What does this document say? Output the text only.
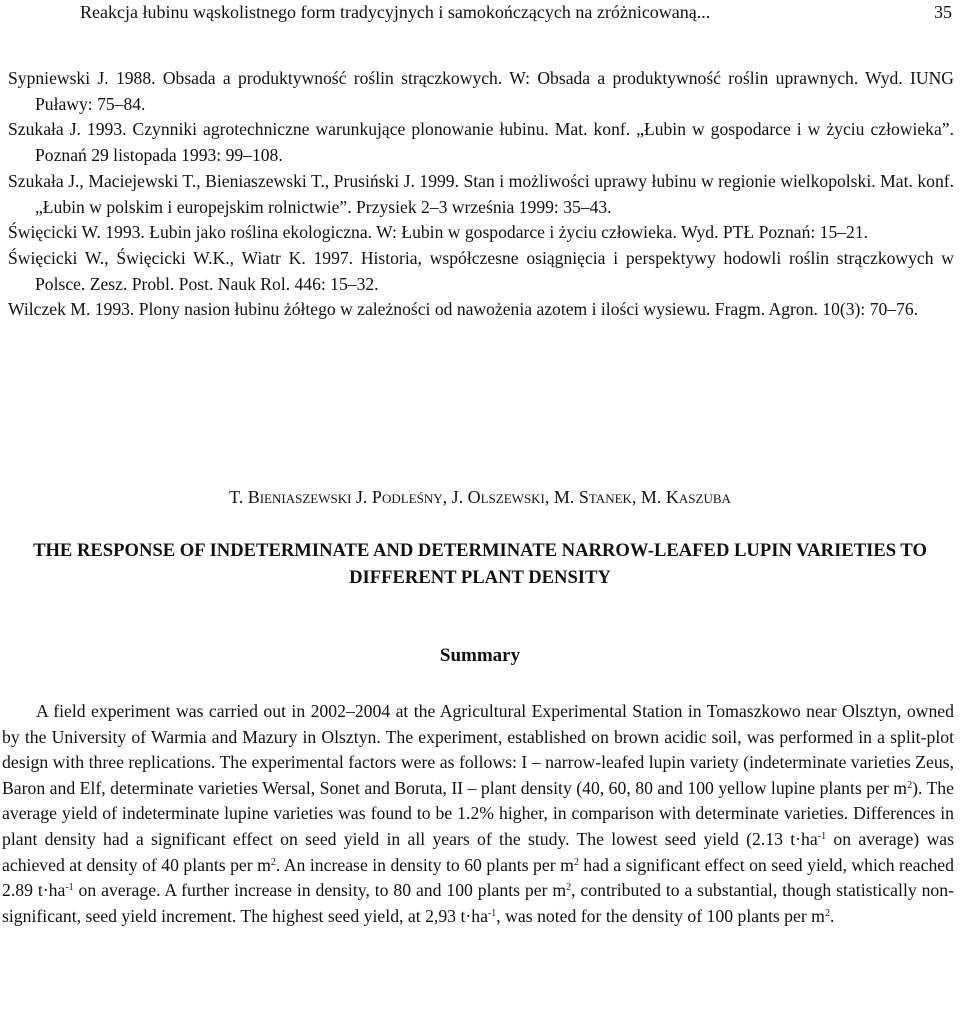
Reakcja łubinu wąskolistnego form tradycyjnych i samokończących na zróżnicowaną...	35

Sypniewski J. 1988. Obsada a produktywność roślin strączkowych. W: Obsada a produktywność roślin uprawnych. Wyd. IUNG Puławy: 75–84.

Szukała J. 1993. Czynniki agrotechniczne warunkujące plonowanie łubinu. Mat. konf. „Łubin w gospodarce i w życiu człowieka”. Poznań 29 listopada 1993: 99–108.

Szukała J., Maciejewski T., Bieniaszewski T., Prusiński J. 1999. Stan i możliwości uprawy łubinu w regionie wielkopolski. Mat. konf. „Łubin w polskim i europejskim rolnictwie”. Przysiek 2–3 września 1999: 35–43.

Święcicki W. 1993. Łubin jako roślina ekologiczna. W: Łubin w gospodarce i życiu człowieka. Wyd. PTŁ Poznań: 15–21.

Święcicki W., Święcicki W.K., Wiatr K. 1997. Historia, współczesne osiągnięcia i perspektywy hodowli roślin strączkowych w Polsce. Zesz. Probl. Post. Nauk Rol. 446: 15–32.

Wilczek M. 1993. Plony nasion łubinu żółtego w zależności od nawożenia azotem i ilości wysiewu. Fragm. Agron. 10(3): 70–76.

T. Bieniaszewski J. Podleśny, J. Olszewski, M. Stanek, M. Kaszuba
THE RESPONSE OF INDETERMINATE AND DETERMINATE NARROW-LEAFED LUPIN VARIETIES TO DIFFERENT PLANT DENSITY
Summary

A field experiment was carried out in 2002–2004 at the Agricultural Experimental Station in Tomaszkowo near Olsztyn, owned by the University of Warmia and Mazury in Olsztyn. The experiment, established on brown acidic soil, was performed in a split-plot design with three replications. The experimental factors were as follows: I – narrow-leafed lupin variety (indeterminate varieties Zeus, Baron and Elf, determinate varieties Wersal, Sonet and Boruta, II – plant density (40, 60, 80 and 100 yellow lupine plants per $m^2$). The average yield of indeterminate lupine varieties was found to be 1.2% higher, in comparison with determinate varieties. Differences in plant density had a significant effect on seed yield in all years of the study. The lowest seed yield (2.13 $t\cdot ha^{-1}$ on average) was achieved at density of 40 plants per $m^2$. An increase in density to 60 plants per $m^2$ had a significant effect on seed yield, which reached 2.89 $t\cdot ha^{-1}$ on average. A further increase in density, to 80 and 100 plants per $m^2$, contributed to a substantial, though statistically non-significant, seed yield increment. The highest seed yield, at 2,93 $t\cdot ha^{-1}$, was noted for the density of 100 plants per $m^2$.
